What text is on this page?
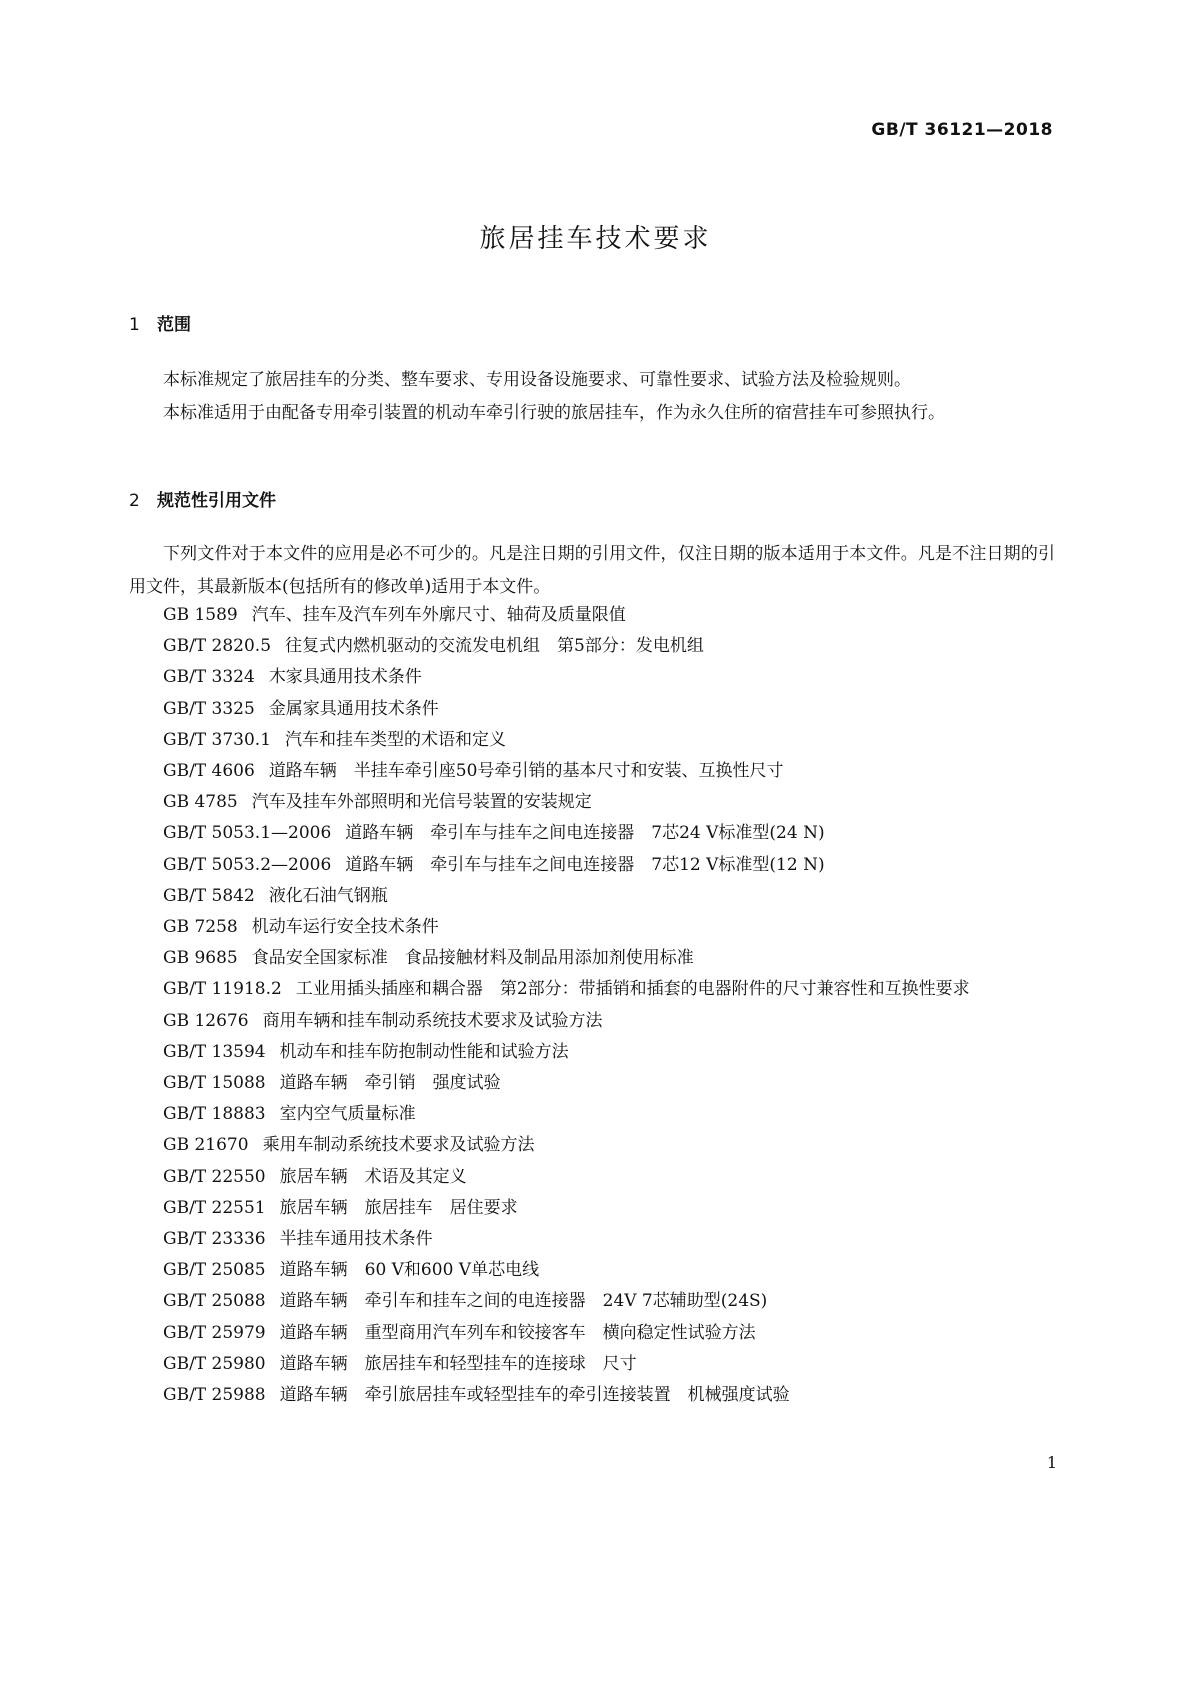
GB/T 36121—2018
旅居挂车技术要求
1 范围

本标准规定了旅居挂车的分类、整车要求、专用设备设施要求、可靠性要求、试验方法及检验规则。

本标准适用于由配备专用牵引装置的机动车牵引行驶的旅居挂车，作为永久住所的宿营挂车可参照执行。

2 规范性引用文件

下列文件对于本文件的应用是必不可少的。凡是注日期的引用文件，仅注日期的版本适用于本文件。凡是不注日期的引用文件，其最新版本(包括所有的修改单)适用于本文件。

GB 1589 汽车、挂车及汽车列车外廓尺寸、轴荷及质量限值
GB/T 2820.5 往复式内燃机驱动的交流发电机组　第5部分：发电机组
GB/T 3324 木家具通用技术条件
GB/T 3325 金属家具通用技术条件
GB/T 3730.1 汽车和挂车类型的术语和定义
GB/T 4606 道路车辆　半挂车牵引座50号牵引销的基本尺寸和安装、互换性尺寸
GB 4785 汽车及挂车外部照明和光信号装置的安装规定
GB/T 5053.1—2006 道路车辆　牵引车与挂车之间电连接器　7芯24 V标准型(24 N)
GB/T 5053.2—2006 道路车辆　牵引车与挂车之间电连接器　7芯12 V标准型(12 N)
GB/T 5842 液化石油气钢瓶
GB 7258 机动车运行安全技术条件
GB 9685 食品安全国家标准　食品接触材料及制品用添加剂使用标准
GB/T 11918.2 工业用插头插座和耦合器　第2部分：带插销和插套的电器附件的尺寸兼容性和互换性要求
GB 12676 商用车辆和挂车制动系统技术要求及试验方法
GB/T 13594 机动车和挂车防抱制动性能和试验方法
GB/T 15088 道路车辆　牵引销　强度试验
GB/T 18883 室内空气质量标准
GB 21670 乘用车制动系统技术要求及试验方法
GB/T 22550 旅居车辆　术语及其定义
GB/T 22551 旅居车辆　旅居挂车　居住要求
GB/T 23336 半挂车通用技术条件
GB/T 25085 道路车辆　60 V和600 V单芯电线
GB/T 25088 道路车辆　牵引车和挂车之间的电连接器　24V 7芯辅助型(24S)
GB/T 25979 道路车辆　重型商用汽车列车和铰接客车　横向稳定性试验方法
GB/T 25980 道路车辆　旅居挂车和轻型挂车的连接球　尺寸
GB/T 25988 道路车辆　牵引旅居挂车或轻型挂车的牵引连接装置　机械强度试验
1
